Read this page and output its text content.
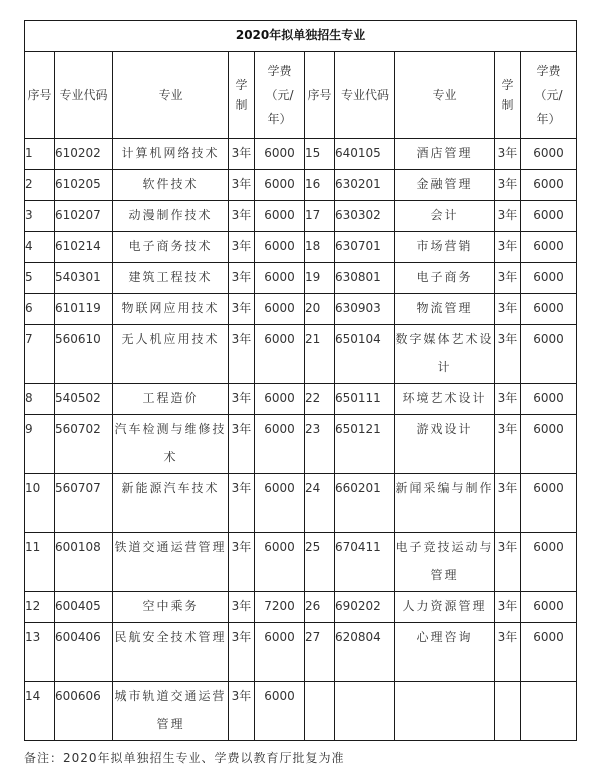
2020年拟单独招生专业									
序号	专业代码	专业	学制	学费（元/年）	序号	专业代码	专业	学制	学费（元/年）
1	610202	计算机网络技术	3年	6000	15	640105	酒店管理	3年	6000
2	610205	软件技术	3年	6000	16	630201	金融管理	3年	6000
3	610207	动漫制作技术	3年	6000	17	630302	会计	3年	6000
4	610214	电子商务技术	3年	6000	18	630701	市场营销	3年	6000
5	540301	建筑工程技术	3年	6000	19	630801	电子商务	3年	6000
6	610119	物联网应用技术	3年	6000	20	630903	物流管理	3年	6000
7	560610	无人机应用技术	3年	6000	21	650104	数字媒体艺术设计	3年	6000
8	540502	工程造价	3年	6000	22	650111	环境艺术设计	3年	6000
9	560702	汽车检测与维修技术	3年	6000	23	650121	游戏设计	3年	6000
10	560707	新能源汽车技术	3年	6000	24	660201	新闻采编与制作	3年	6000
11	600108	铁道交通运营管理	3年	6000	25	670411	电子竞技运动与管理	3年	6000
12	600405	空中乘务	3年	7200	26	690202	人力资源管理	3年	6000
13	600406	民航安全技术管理	3年	6000	27	620804	心理咨询	3年	6000
14	600606	城市轨道交通运营管理	3年	6000					
备注：2020年拟单独招生专业、学费以教育厅批复为准
